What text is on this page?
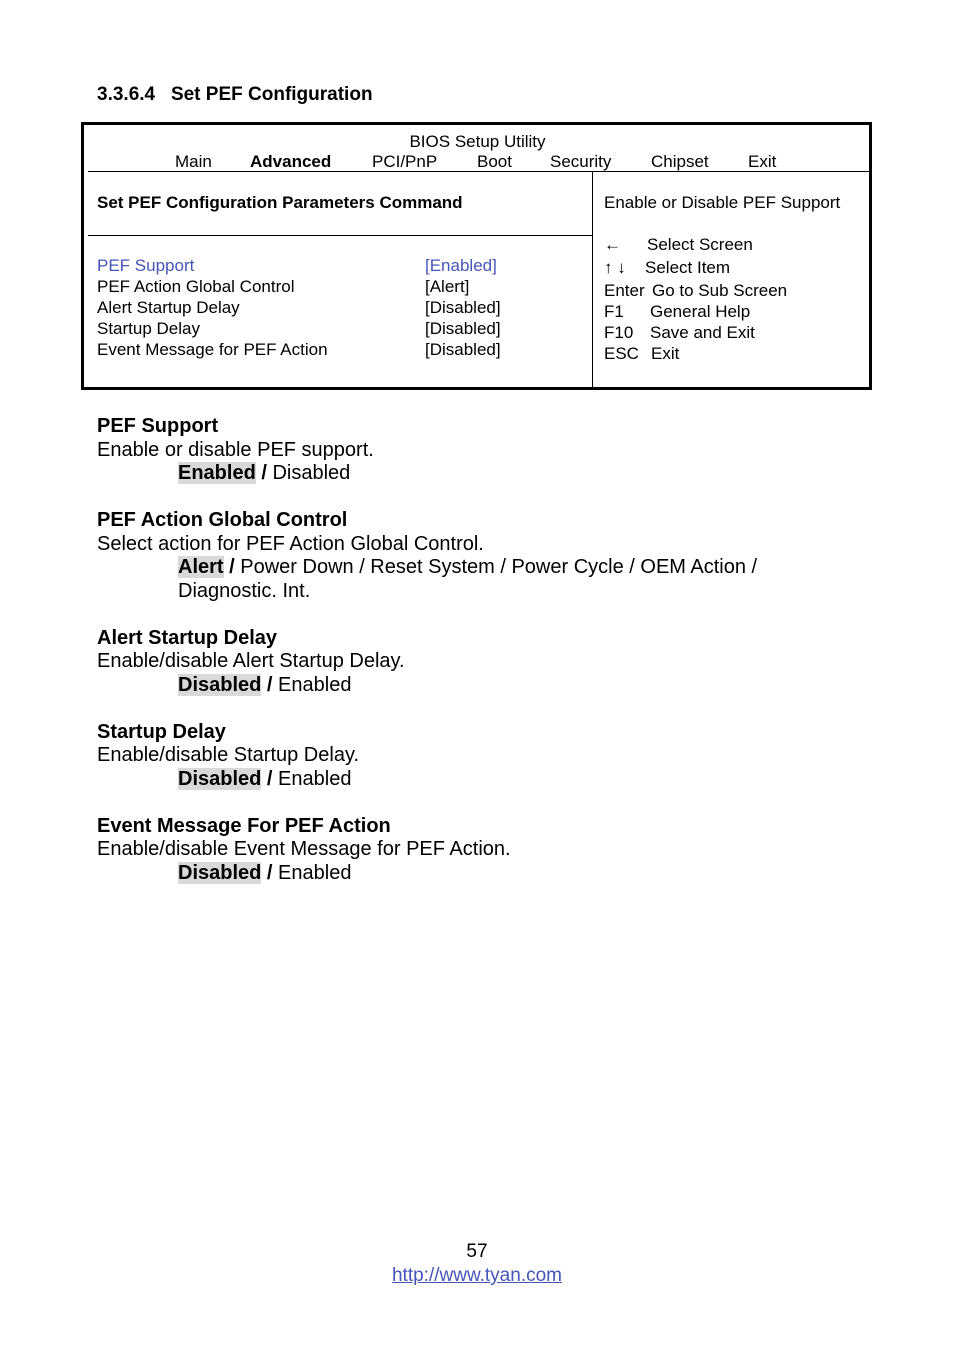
3.3.6.4   Set PEF Configuration
BIOS Setup Utility
Main Advanced PCI/PnP Boot Security Chipset Exit
Set PEF Configuration Parameters Command	Enable or Disable PEF Support
PEF Support	[Enabled]
PEF Action Global Control	[Alert]
Alert Startup Delay	[Disabled]
Startup Delay	[Disabled]
Event Message for PEF Action	[Disabled]
← Select Screen
↑ ↓ Select Item
Enter Go to Sub Screen
F1 General Help
F10 Save and Exit
ESC Exit
PEF Support
Enable or disable PEF support.
Enabled / Disabled
PEF Action Global Control
Select action for PEF Action Global Control.
Alert / Power Down / Reset System / Power Cycle / OEM Action /
Diagnostic. Int.
Alert Startup Delay
Enable/disable Alert Startup Delay.
Disabled / Enabled
Startup Delay
Enable/disable Startup Delay.
Disabled / Enabled
Event Message For PEF Action
Enable/disable Event Message for PEF Action.
Disabled / Enabled
57
http://www.tyan.com
